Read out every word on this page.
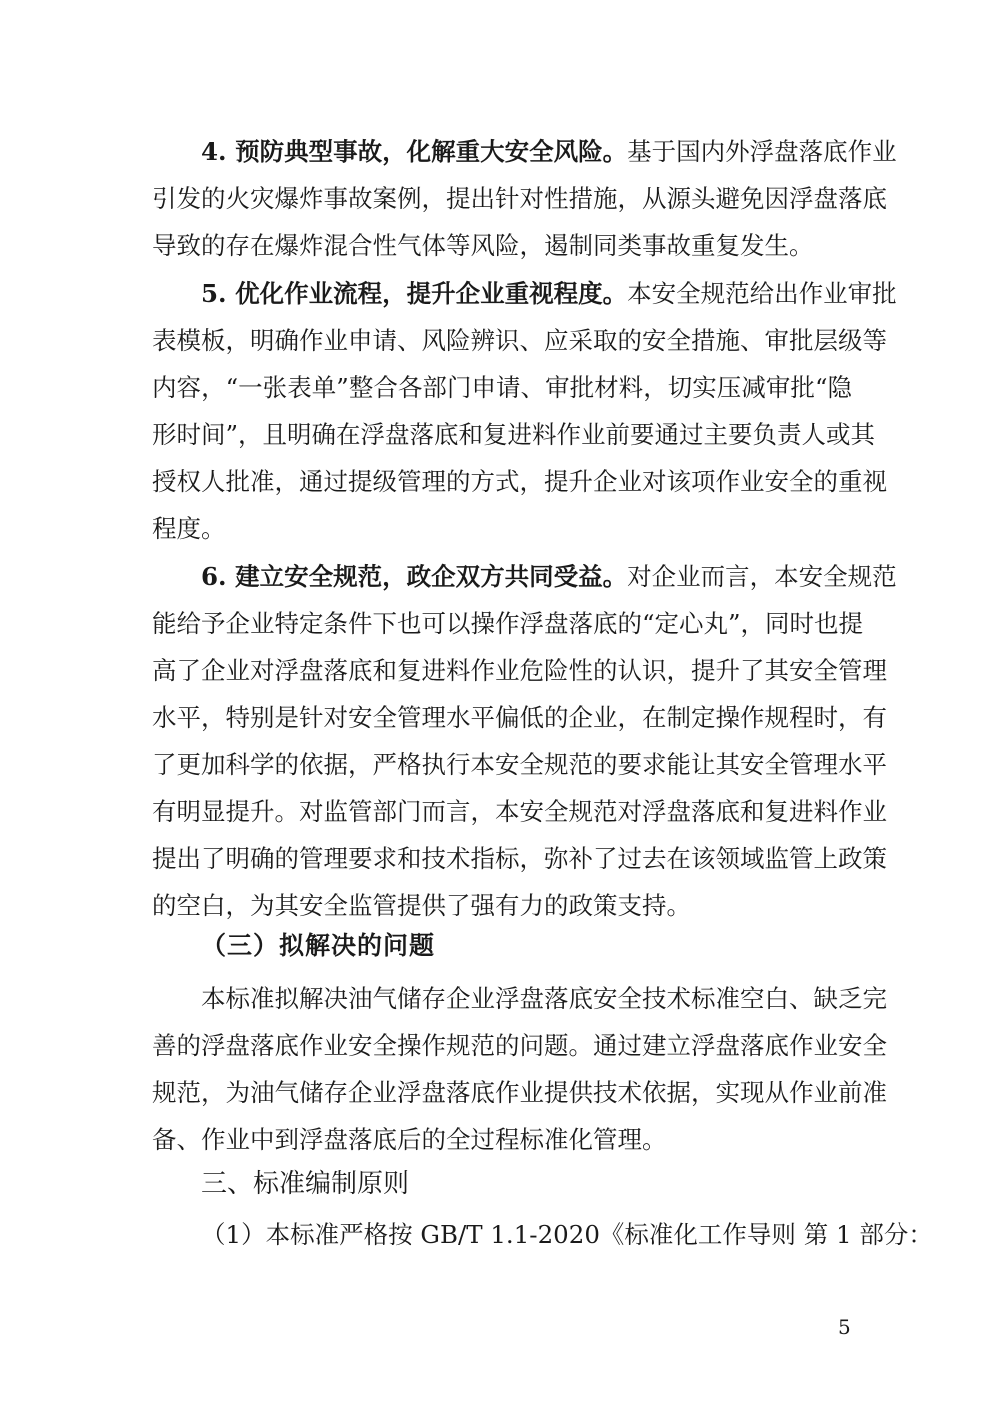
4. 预防典型事故，化解重大安全风险。基于国内外浮盘落底作业
引发的火灾爆炸事故案例，提出针对性措施，从源头避免因浮盘落底
导致的存在爆炸混合性气体等风险，遏制同类事故重复发生。
5. 优化作业流程，提升企业重视程度。本安全规范给出作业审批
表模板，明确作业申请、风险辨识、应采取的安全措施、审批层级等
内容，“一张表单”整合各部门申请、审批材料，切实压减审批“隐
形时间”，且明确在浮盘落底和复进料作业前要通过主要负责人或其
授权人批准，通过提级管理的方式，提升企业对该项作业安全的重视
程度。
6. 建立安全规范，政企双方共同受益。对企业而言，本安全规范
能给予企业特定条件下也可以操作浮盘落底的“定心丸”，同时也提
高了企业对浮盘落底和复进料作业危险性的认识，提升了其安全管理
水平，特别是针对安全管理水平偏低的企业，在制定操作规程时，有
了更加科学的依据，严格执行本安全规范的要求能让其安全管理水平
有明显提升。对监管部门而言，本安全规范对浮盘落底和复进料作业
提出了明确的管理要求和技术指标，弥补了过去在该领域监管上政策
的空白，为其安全监管提供了强有力的政策支持。
（三）拟解决的问题
本标准拟解决油气储存企业浮盘落底安全技术标准空白、缺乏完
善的浮盘落底作业安全操作规范的问题。通过建立浮盘落底作业安全
规范，为油气储存企业浮盘落底作业提供技术依据，实现从作业前准
备、作业中到浮盘落底后的全过程标准化管理。
三、标准编制原则
（1）本标准严格按 GB/T 1.1-2020《标准化工作导则 第 1 部分：
5
